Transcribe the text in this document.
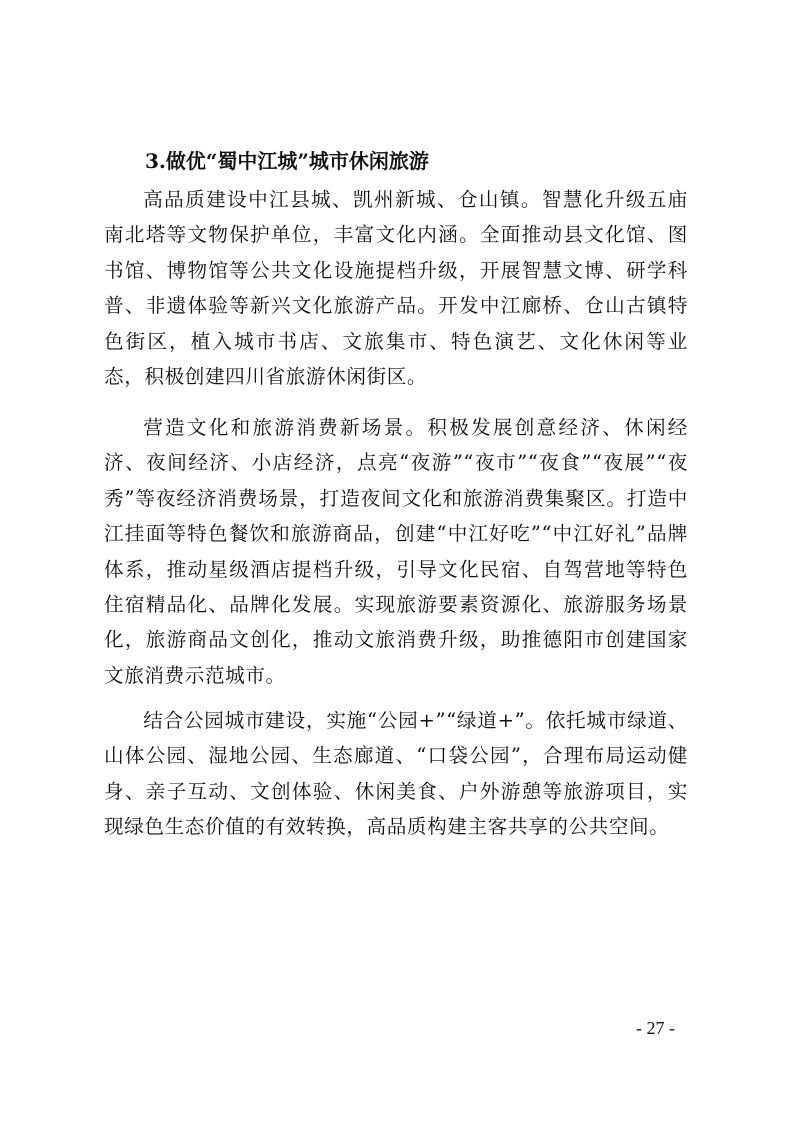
3.做优“蜀中江城”城市休闲旅游

高品质建设中江县城、凯州新城、仓山镇。智慧化升级五庙南北塔等文物保护单位，丰富文化内涵。全面推动县文化馆、图书馆、博物馆等公共文化设施提档升级，开展智慧文博、研学科普、非遗体验等新兴文化旅游产品。开发中江廊桥、仓山古镇特色街区，植入城市书店、文旅集市、特色演艺、文化休闲等业态，积极创建四川省旅游休闲街区。

营造文化和旅游消费新场景。积极发展创意经济、休闲经济、夜间经济、小店经济，点亮“夜游”“夜市”“夜食”“夜展”“夜秀”等夜经济消费场景，打造夜间文化和旅游消费集聚区。打造中江挂面等特色餐饮和旅游商品，创建“中江好吃”“中江好礼”品牌体系，推动星级酒店提档升级，引导文化民宿、自驾营地等特色住宿精品化、品牌化发展。实现旅游要素资源化、旅游服务场景化，旅游商品文创化，推动文旅消费升级，助推德阳市创建国家文旅消费示范城市。

结合公园城市建设，实施“公园+”“绿道+”。依托城市绿道、山体公园、湿地公园、生态廊道、“口袋公园”，合理布局运动健身、亲子互动、文创体验、休闲美食、户外游憩等旅游项目，实现绿色生态价值的有效转换，高品质构建主客共享的公共空间。

- 27 -
